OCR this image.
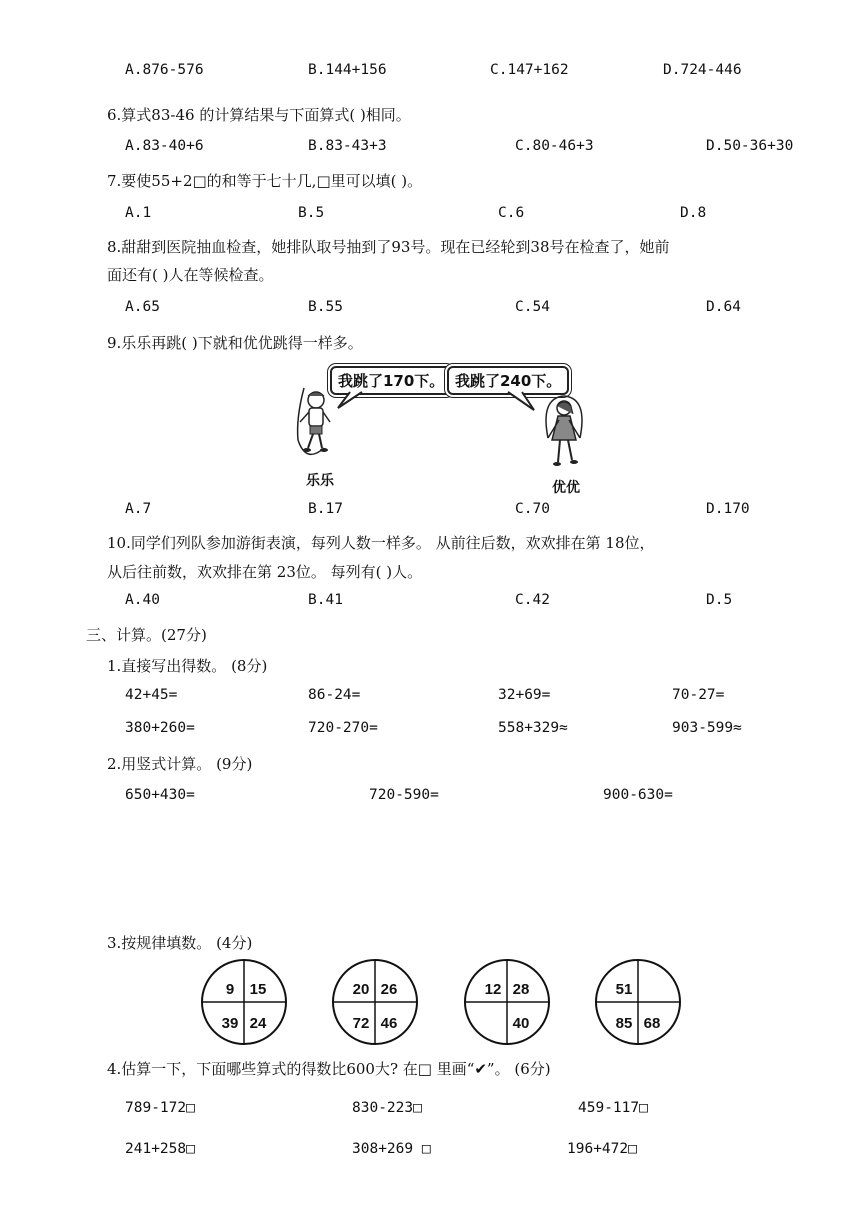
A.876-576	B.144+156	C.147+162	D.724-446
6.算式83-46 的计算结果与下面算式( )相同。
A.83-40+6	B.83-43+3	C.80-46+3	D.50-36+30
7.要使55+2□的和等于七十几,□里可以填( )。
A.1	B.5	C.6	D.8
8.甜甜到医院抽血检查，她排队取号抽到了93号。现在已经轮到38号在检查了，她前
面还有( )人在等候检查。
A.65	B.55	C.54	D.64
9.乐乐再跳( )下就和优优跳得一样多。
我跳了170下。 我跳了240下。
乐乐	优优
A.7	B.17	C.70	D.170
10.同学们列队参加游街表演，每列人数一样多。 从前往后数，欢欢排在第 18位，
从后往前数，欢欢排在第 23位。 每列有( )人。
A.40	B.41	C.42	D.5
三、计算。(27分)
1.直接写出得数。 (8分)
42+45=	86-24=	32+69=	70-27=
380+260=	720-270=	558+329≈	903-599≈
2.用竖式计算。 (9分)
650+430=	720-590=	900-630=
3.按规律填数。 (4分)
9 15
39 24
20 26
72 46
12 28
40
51
85 68
4.估算一下，下面哪些算式的得数比600大? 在□ 里画“✔”。 (6分)
789-172□	830-223□	459-117□
241+258□	308+269 □	196+472□
